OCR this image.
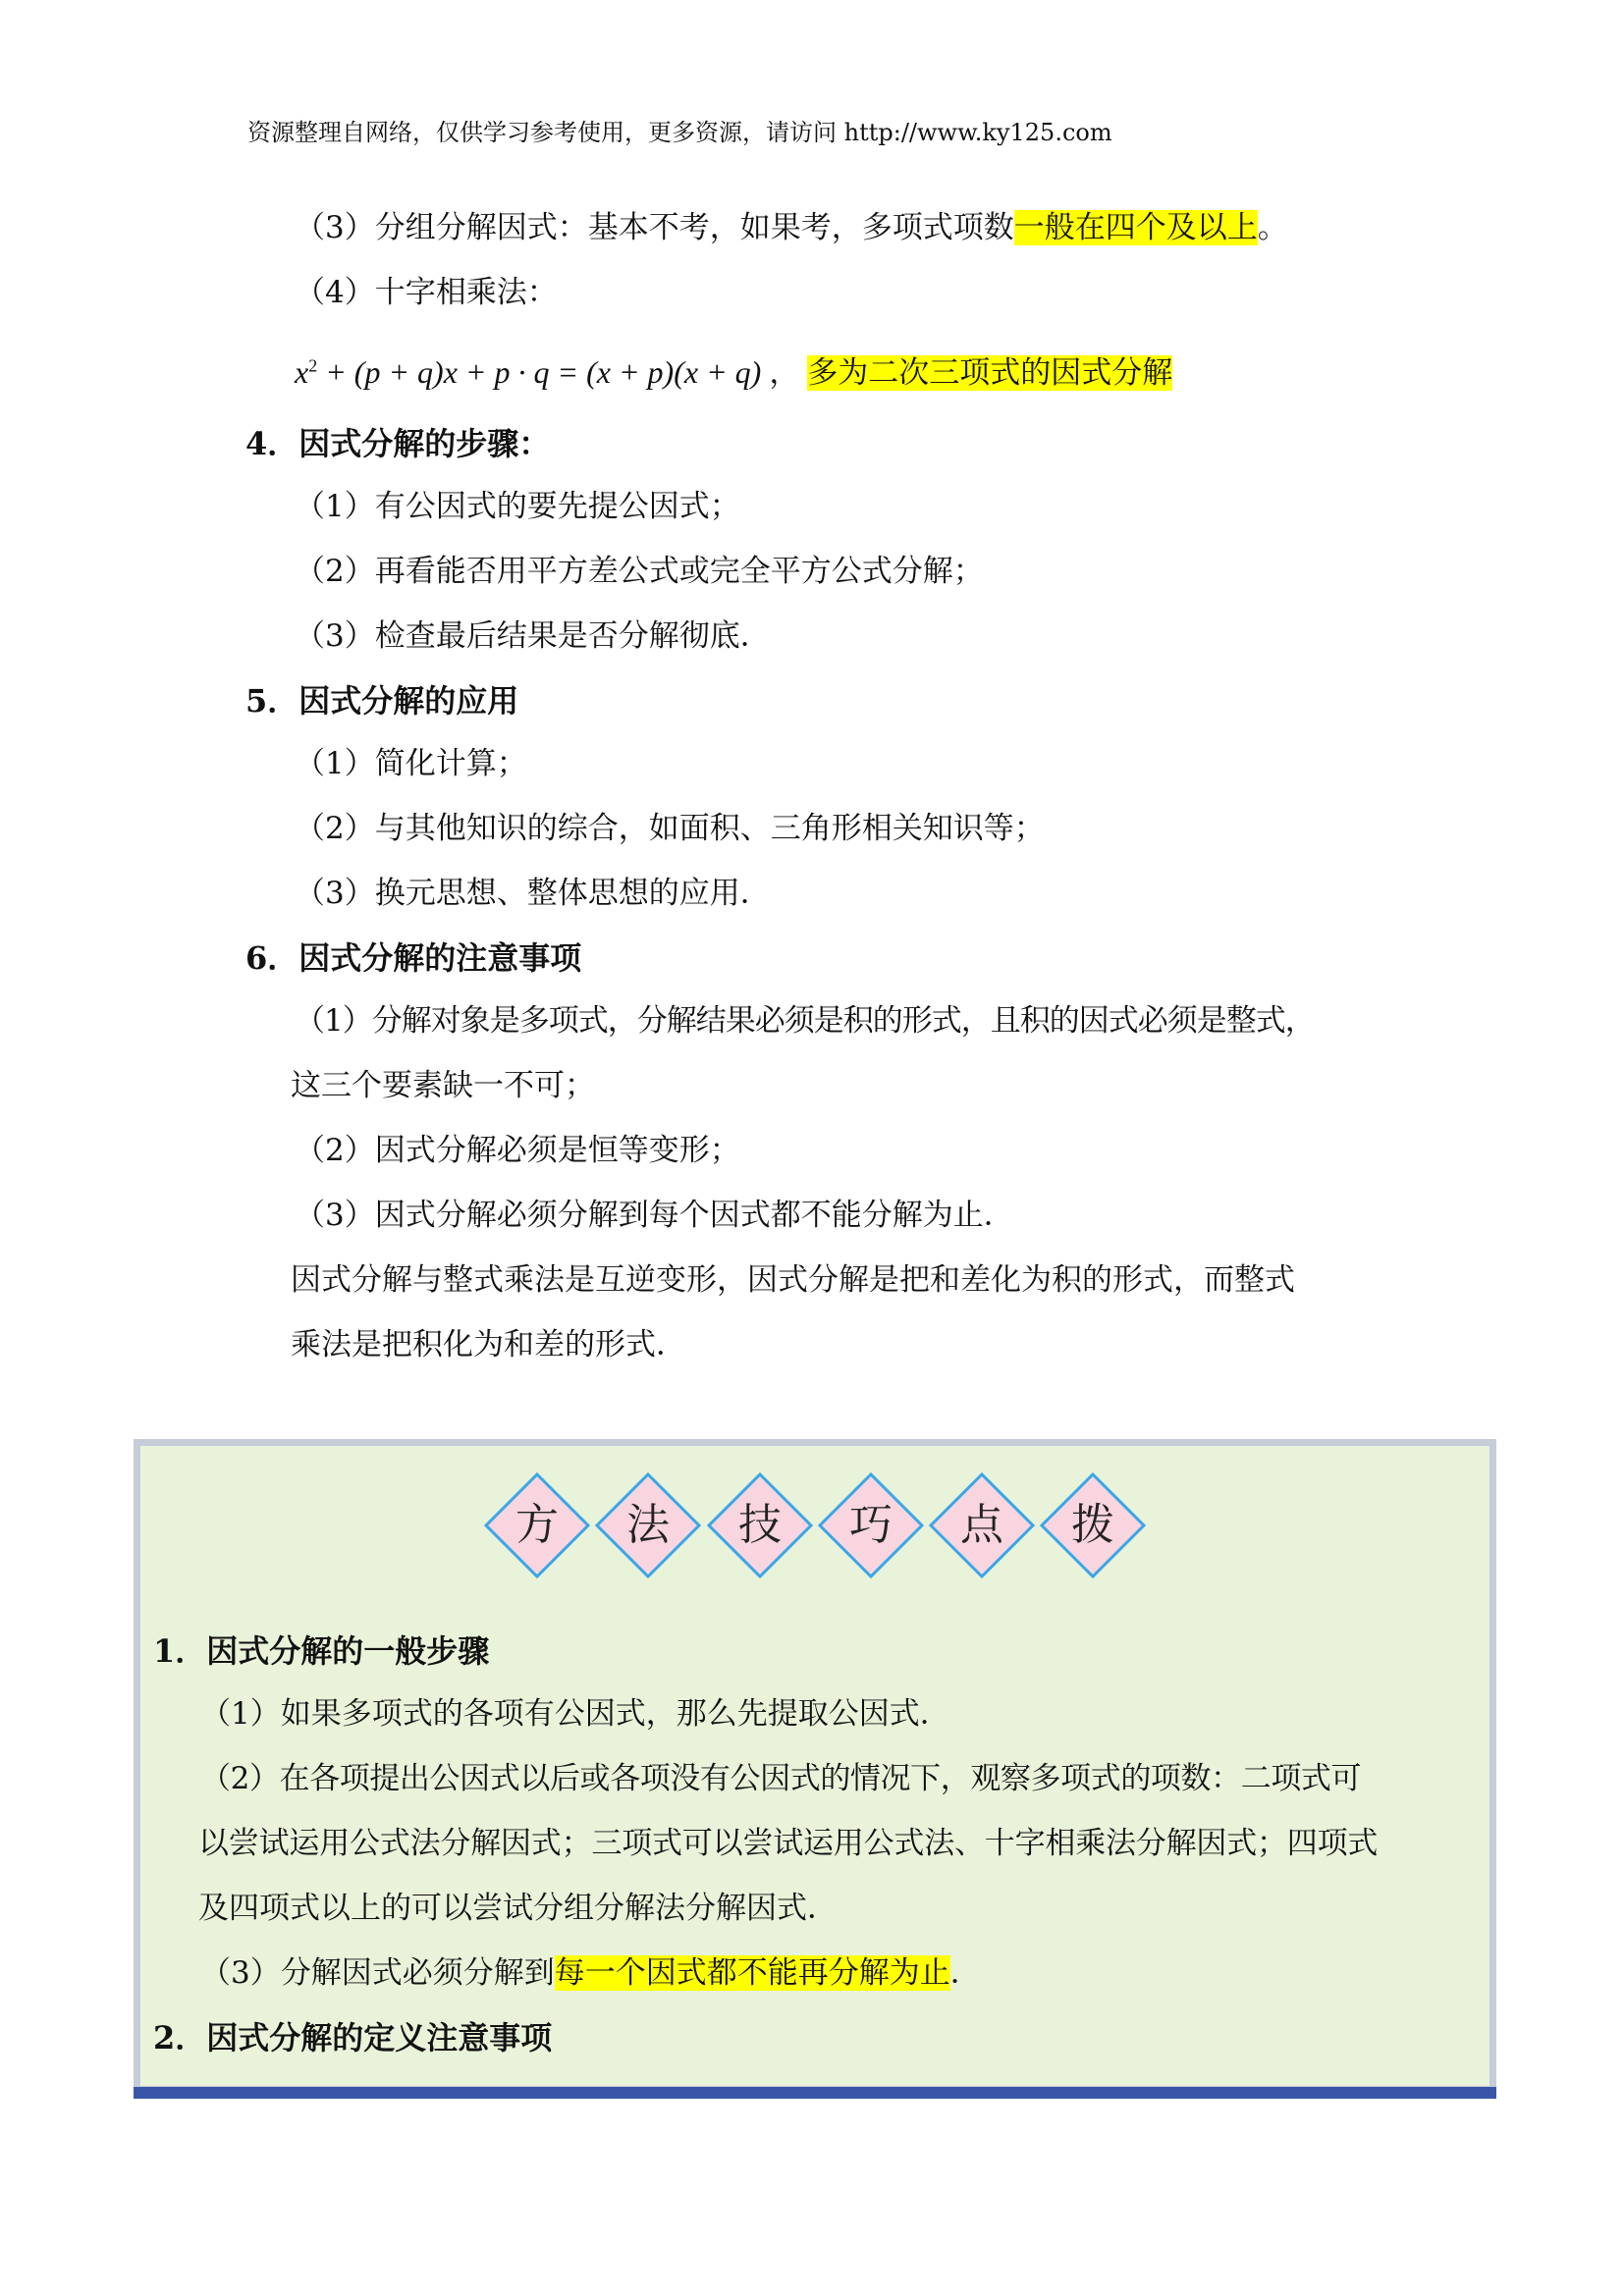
资源整理自网络，仅供学习参考使用，更多资源，请访问 http://www.ky125.com
（3）分组分解因式：基本不考，如果考，多项式项数一般在四个及以上。
（4）十字相乘法：
$x^2 + (p + q)x + p \cdot q = (x + p)(x + q)$ ， 多为二次三项式的因式分解
4．因式分解的步骤：
（1）有公因式的要先提公因式；
（2）再看能否用平方差公式或完全平方公式分解；
（3）检查最后结果是否分解彻底．
5．因式分解的应用
（1）简化计算；
（2）与其他知识的综合，如面积、三角形相关知识等；
（3）换元思想、整体思想的应用．
6．因式分解的注意事项
（1）分解对象是多项式，分解结果必须是积的形式，且积的因式必须是整式，
这三个要素缺一不可；
（2）因式分解必须是恒等变形；
（3）因式分解必须分解到每个因式都不能分解为止．
因式分解与整式乘法是互逆变形，因式分解是把和差化为积的形式，而整式
乘法是把积化为和差的形式．
方	法	技	巧	点	拨
1．因式分解的一般步骤
（1）如果多项式的各项有公因式，那么先提取公因式．
（2）在各项提出公因式以后或各项没有公因式的情况下，观察多项式的项数：二项式可
以尝试运用公式法分解因式；三项式可以尝试运用公式法、十字相乘法分解因式；四项式
及四项式以上的可以尝试分组分解法分解因式．
（3）分解因式必须分解到每一个因式都不能再分解为止．
2．因式分解的定义注意事项
